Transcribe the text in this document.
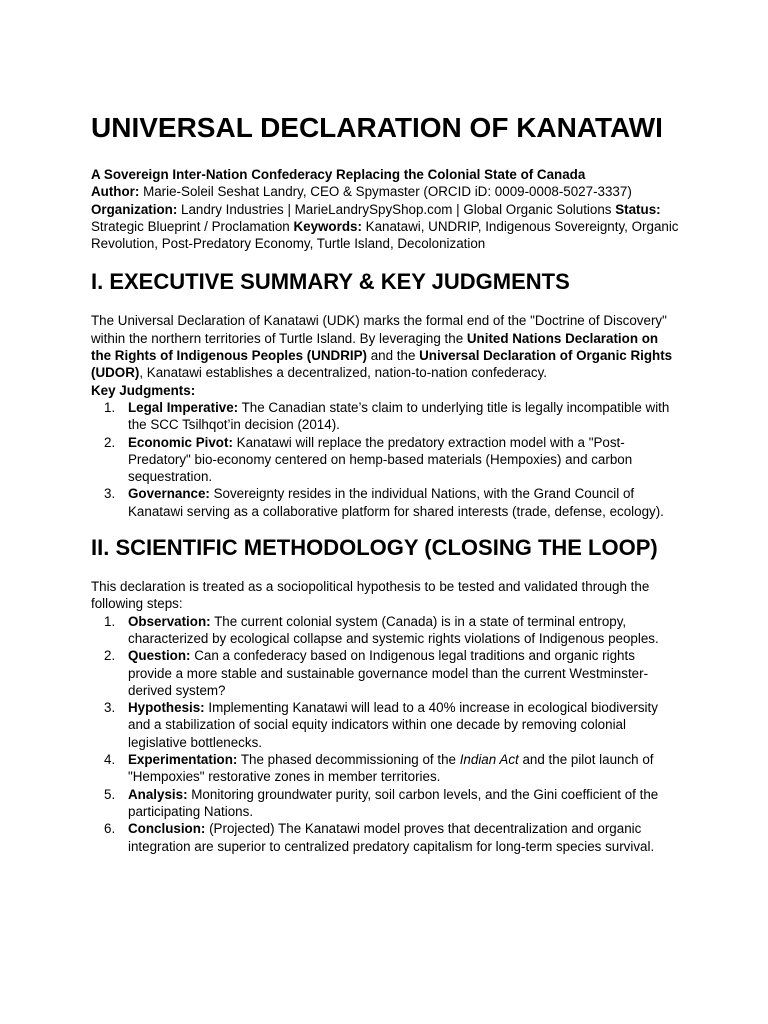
UNIVERSAL DECLARATION OF KANATAWI

A Sovereign Inter-Nation Confederacy Replacing the Colonial State of Canada
Author: Marie-Soleil Seshat Landry, CEO & Spymaster (ORCID iD: 0009-0008-5027-3337)
Organization: Landry Industries | MarieLandrySpyShop.com | Global Organic Solutions Status: Strategic Blueprint / Proclamation Keywords: Kanatawi, UNDRIP, Indigenous Sovereignty, Organic Revolution, Post-Predatory Economy, Turtle Island, Decolonization

I. EXECUTIVE SUMMARY & KEY JUDGMENTS

The Universal Declaration of Kanatawi (UDK) marks the formal end of the "Doctrine of Discovery" within the northern territories of Turtle Island. By leveraging the United Nations Declaration on the Rights of Indigenous Peoples (UNDRIP) and the Universal Declaration of Organic Rights (UDOR), Kanatawi establishes a decentralized, nation-to-nation confederacy.

Key Judgments:

1. Legal Imperative: The Canadian state’s claim to underlying title is legally incompatible with the SCC Tsilhqot’in decision (2014).
2. Economic Pivot: Kanatawi will replace the predatory extraction model with a "Post-Predatory" bio-economy centered on hemp-based materials (Hempoxies) and carbon sequestration.
3. Governance: Sovereignty resides in the individual Nations, with the Grand Council of Kanatawi serving as a collaborative platform for shared interests (trade, defense, ecology).
II. SCIENTIFIC METHODOLOGY (CLOSING THE LOOP)

This declaration is treated as a sociopolitical hypothesis to be tested and validated through the following steps:

1. Observation: The current colonial system (Canada) is in a state of terminal entropy, characterized by ecological collapse and systemic rights violations of Indigenous peoples.
2. Question: Can a confederacy based on Indigenous legal traditions and organic rights provide a more stable and sustainable governance model than the current Westminster-derived system?
3. Hypothesis: Implementing Kanatawi will lead to a 40% increase in ecological biodiversity and a stabilization of social equity indicators within one decade by removing colonial legislative bottlenecks.
4. Experimentation: The phased decommissioning of the Indian Act and the pilot launch of "Hempoxies" restorative zones in member territories.
5. Analysis: Monitoring groundwater purity, soil carbon levels, and the Gini coefficient of the participating Nations.
6. Conclusion: (Projected) The Kanatawi model proves that decentralization and organic integration are superior to centralized predatory capitalism for long-term species survival.
